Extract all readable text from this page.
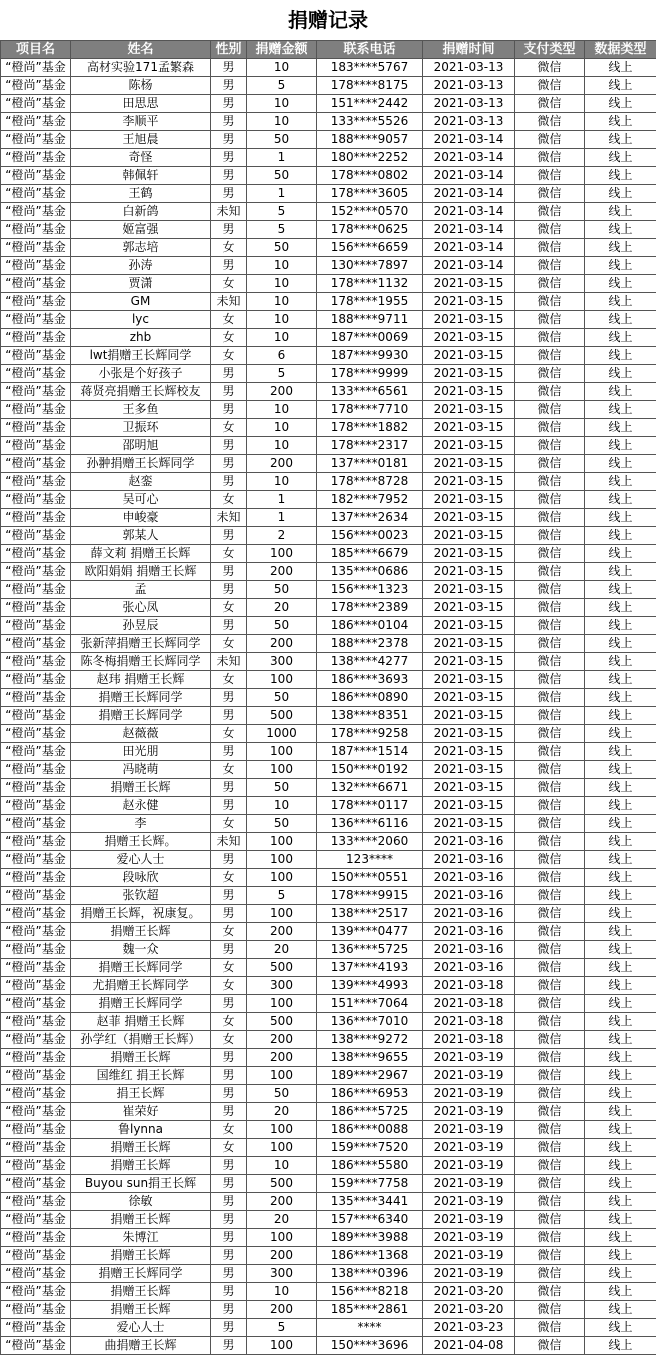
捐赠记录
项目名	姓名	性别	捐赠金额	联系电话	捐赠时间	支付类型	数据类型
“橙尚”基金	高材实验171孟繁森	男	10	183****5767	2021-03-13	微信	线上
“橙尚”基金	陈杨	男	5	178****8175	2021-03-13	微信	线上
“橙尚”基金	田思思	男	10	151****2442	2021-03-13	微信	线上
“橙尚”基金	李顺平	男	10	133****5526	2021-03-13	微信	线上
“橙尚”基金	王旭晨	男	50	188****9057	2021-03-14	微信	线上
“橙尚”基金	奇怪	男	1	180****2252	2021-03-14	微信	线上
“橙尚”基金	韩佩轩	男	50	178****0802	2021-03-14	微信	线上
“橙尚”基金	王鹤	男	1	178****3605	2021-03-14	微信	线上
“橙尚”基金	白新鸽	未知	5	152****0570	2021-03-14	微信	线上
“橙尚”基金	姬富强	男	5	178****0625	2021-03-14	微信	线上
“橙尚”基金	郭志培	女	50	156****6659	2021-03-14	微信	线上
“橙尚”基金	孙涛	男	10	130****7897	2021-03-14	微信	线上
“橙尚”基金	贾潇	女	10	178****1132	2021-03-15	微信	线上
“橙尚”基金	GM	未知	10	178****1955	2021-03-15	微信	线上
“橙尚”基金	lyc	女	10	188****9711	2021-03-15	微信	线上
“橙尚”基金	zhb	女	10	187****0069	2021-03-15	微信	线上
“橙尚”基金	lwt捐赠王长辉同学	女	6	187****9930	2021-03-15	微信	线上
“橙尚”基金	小张是个好孩子	男	5	178****9999	2021-03-15	微信	线上
“橙尚”基金	蒋贤亮捐赠王长辉校友	男	200	133****6561	2021-03-15	微信	线上
“橙尚”基金	王多鱼	男	10	178****7710	2021-03-15	微信	线上
“橙尚”基金	卫振环	女	10	178****1882	2021-03-15	微信	线上
“橙尚”基金	邵明旭	男	10	178****2317	2021-03-15	微信	线上
“橙尚”基金	孙翀捐赠王长辉同学	男	200	137****0181	2021-03-15	微信	线上
“橙尚”基金	赵銮	男	10	178****8728	2021-03-15	微信	线上
“橙尚”基金	吴可心	女	1	182****7952	2021-03-15	微信	线上
“橙尚”基金	申峻豪	未知	1	137****2634	2021-03-15	微信	线上
“橙尚”基金	郭某人	男	2	156****0023	2021-03-15	微信	线上
“橙尚”基金	薛文莉 捐赠王长辉	女	100	185****6679	2021-03-15	微信	线上
“橙尚”基金	欧阳娟娟 捐赠王长辉	男	200	135****0686	2021-03-15	微信	线上
“橙尚”基金	孟	男	50	156****1323	2021-03-15	微信	线上
“橙尚”基金	张心凤	女	20	178****2389	2021-03-15	微信	线上
“橙尚”基金	孙昱辰	男	50	186****0104	2021-03-15	微信	线上
“橙尚”基金	张新萍捐赠王长辉同学	女	200	188****2378	2021-03-15	微信	线上
“橙尚”基金	陈冬梅捐赠王长辉同学	未知	300	138****4277	2021-03-15	微信	线上
“橙尚”基金	赵玮 捐赠王长辉	女	100	186****3693	2021-03-15	微信	线上
“橙尚”基金	捐赠王长辉同学	男	50	186****0890	2021-03-15	微信	线上
“橙尚”基金	捐赠王长辉同学	男	500	138****8351	2021-03-15	微信	线上
“橙尚”基金	赵薇薇	女	1000	178****9258	2021-03-15	微信	线上
“橙尚”基金	田光朋	男	100	187****1514	2021-03-15	微信	线上
“橙尚”基金	冯晓萌	女	100	150****0192	2021-03-15	微信	线上
“橙尚”基金	捐赠王长辉	男	50	132****6671	2021-03-15	微信	线上
“橙尚”基金	赵永健	男	10	178****0117	2021-03-15	微信	线上
“橙尚”基金	李	女	50	136****6116	2021-03-15	微信	线上
“橙尚”基金	捐赠王长辉。	未知	100	133****2060	2021-03-16	微信	线上
“橙尚”基金	爱心人士	男	100	123****	2021-03-16	微信	线上
“橙尚”基金	段咏欣	女	100	150****0551	2021-03-16	微信	线上
“橙尚”基金	张钦超	男	5	178****9915	2021-03-16	微信	线上
“橙尚”基金	捐赠王长辉，祝康复。	男	100	138****2517	2021-03-16	微信	线上
“橙尚”基金	捐赠王长辉	女	200	139****0477	2021-03-16	微信	线上
“橙尚”基金	魏一众	男	20	136****5725	2021-03-16	微信	线上
“橙尚”基金	捐赠王长辉同学	女	500	137****4193	2021-03-16	微信	线上
“橙尚”基金	尤捐赠王长辉同学	女	300	139****4993	2021-03-18	微信	线上
“橙尚”基金	捐赠王长辉同学	男	100	151****7064	2021-03-18	微信	线上
“橙尚”基金	赵菲 捐赠王长辉	女	500	136****7010	2021-03-18	微信	线上
“橙尚”基金	孙学红（捐赠王长辉）	女	200	138****9272	2021-03-18	微信	线上
“橙尚”基金	捐赠王长辉	男	200	138****9655	2021-03-19	微信	线上
“橙尚”基金	国维红 捐王长辉	男	100	189****2967	2021-03-19	微信	线上
“橙尚”基金	捐王长辉	男	50	186****6953	2021-03-19	微信	线上
“橙尚”基金	崔荣好	男	20	186****5725	2021-03-19	微信	线上
“橙尚”基金	鲁lynna	女	100	186****0088	2021-03-19	微信	线上
“橙尚”基金	捐赠王长辉	女	100	159****7520	2021-03-19	微信	线上
“橙尚”基金	捐赠王长辉	男	10	186****5580	2021-03-19	微信	线上
“橙尚”基金	Buyou sun捐王长辉	男	500	159****7758	2021-03-19	微信	线上
“橙尚”基金	徐敏	男	200	135****3441	2021-03-19	微信	线上
“橙尚”基金	捐赠王长辉	男	20	157****6340	2021-03-19	微信	线上
“橙尚”基金	朱博江	男	100	189****3988	2021-03-19	微信	线上
“橙尚”基金	捐赠王长辉	男	200	186****1368	2021-03-19	微信	线上
“橙尚”基金	捐赠王长辉同学	男	300	138****0396	2021-03-19	微信	线上
“橙尚”基金	捐赠王长辉	男	10	156****8218	2021-03-20	微信	线上
“橙尚”基金	捐赠王长辉	男	200	185****2861	2021-03-20	微信	线上
“橙尚”基金	爱心人士	男	5	****	2021-03-23	微信	线上
“橙尚”基金	曲捐赠王长辉	男	100	150****3696	2021-04-08	微信	线上
